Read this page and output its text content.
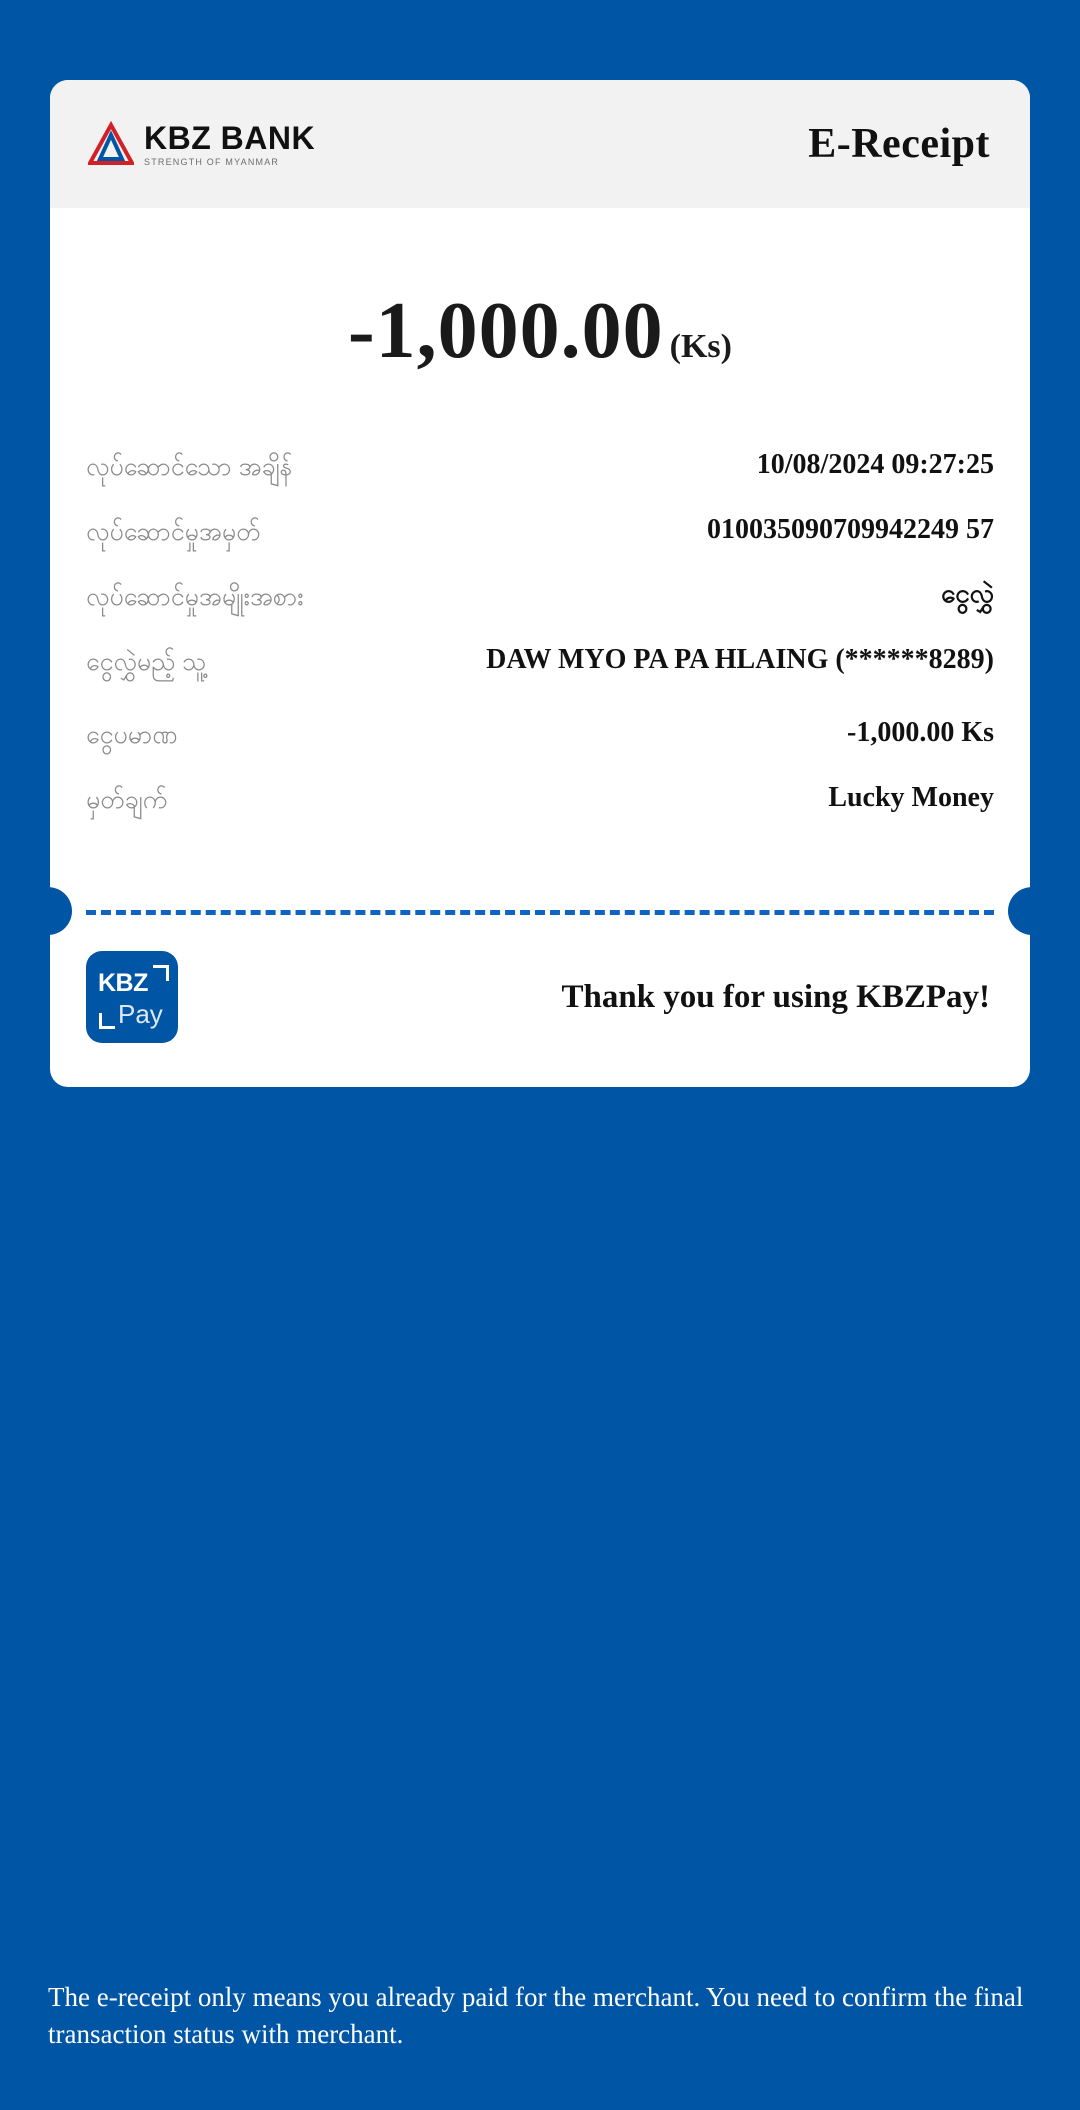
KBZ BANK
STRENGTH OF MYANMAR	E-Receipt
-1,000.00 (Ks)
လုပ်ဆောင်သော အချိန်	10/08/2024 09:27:25
လုပ်ဆောင်မှုအမှတ်	010035090709942249 57
လုပ်ဆောင်မှုအမျိုးအစား	ငွေလွှဲ
ငွေလွှဲမည့် သူ့	DAW MYO PA PA HLAING (******8289)
ငွေပမာဏ	-1,000.00 Ks
မှတ်ချက်	Lucky Money
KBZ
Pay	Thank you for using KBZPay!
The e-receipt only means you already paid for the merchant. You need to confirm the final transaction status with merchant.
